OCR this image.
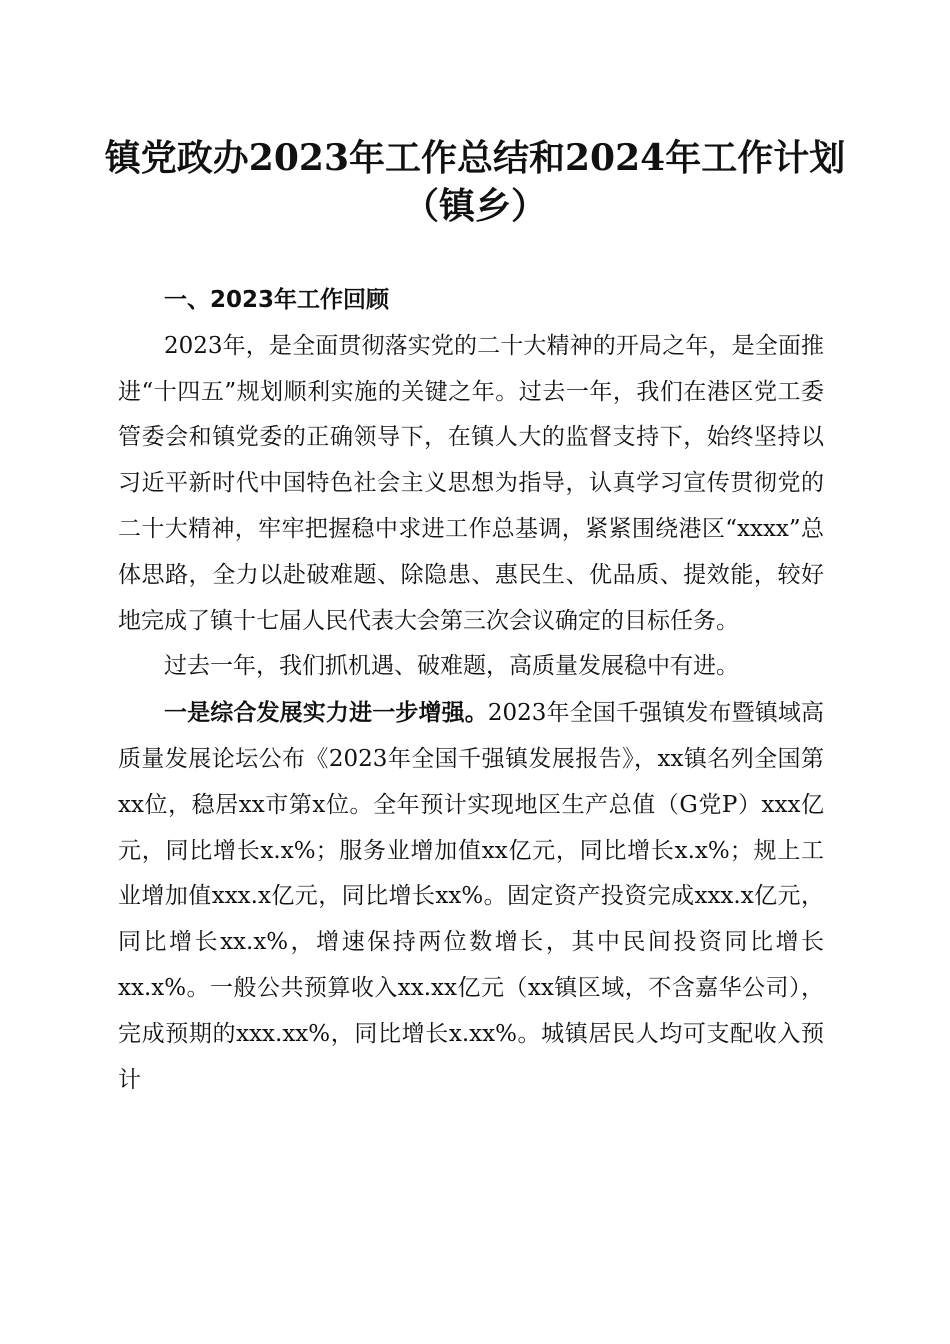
镇党政办2023年工作总结和2024年工作计划
（镇乡）

一、2023年工作回顾

2023年，是全面贯彻落实党的二十大精神的开局之年，是全面推进“十四五”规划顺利实施的关键之年。过去一年，我们在港区党工委管委会和镇党委的正确领导下，在镇人大的监督支持下，始终坚持以习近平新时代中国特色社会主义思想为指导，认真学习宣传贯彻党的二十大精神，牢牢把握稳中求进工作总基调，紧紧围绕港区“xxxx”总体思路，全力以赴破难题、除隐患、惠民生、优品质、提效能，较好地完成了镇十七届人民代表大会第三次会议确定的目标任务。

过去一年，我们抓机遇、破难题，高质量发展稳中有进。

一是综合发展实力进一步增强。2023年全国千强镇发布暨镇域高质量发展论坛公布《2023年全国千强镇发展报告》，xx镇名列全国第xx位，稳居xx市第x位。全年预计实现地区生产总值（G党P）xxx亿元，同比增长x.x%；服务业增加值xx亿元，同比增长x.x%；规上工业增加值xxx.x亿元，同比增长xx%。固定资产投资完成xxx.x亿元，同比增长xx.x%，增速保持两位数增长，其中民间投资同比增长xx.x%。一般公共预算收入xx.xx亿元（xx镇区域，不含嘉华公司），完成预期的xxx.xx%，同比增长x.xx%。城镇居民人均可支配收入预计
